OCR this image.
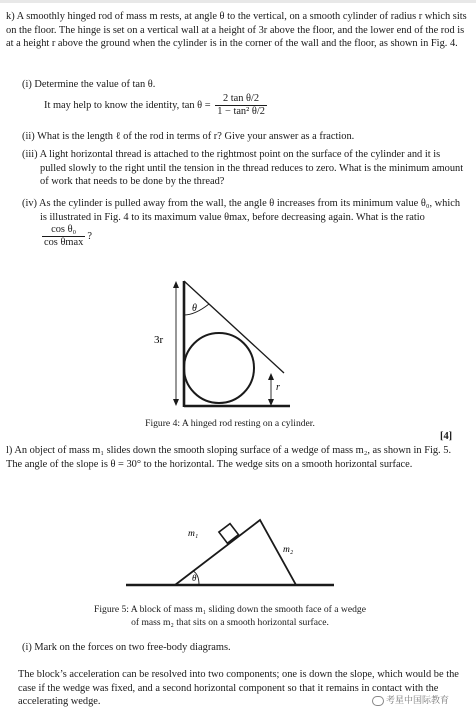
k) A smoothly hinged rod of mass m rests, at angle θ to the vertical, on a smooth cylinder of radius r which sits on the floor. The hinge is set on a vertical wall at a height of 3r above the floor, and the lower end of the rod is at a height r above the ground when the cylinder is in the corner of the wall and the floor, as shown in Fig. 4.
(i) Determine the value of tan θ.
It may help to know the identity, $\tan \theta = \frac{\text{2 tan θ/2}}{\text{1 − tan² θ/2}}$
(ii) What is the length ℓ of the rod in terms of r? Give your answer as a fraction.
(iii) A light horizontal thread is attached to the rightmost point on the surface of the cylinder and it is pulled slowly to the right until the tension in the thread reduces to zero. What is the minimum amount of work that needs to be done by the thread?
(iv) As the cylinder is pulled away from the wall, the angle θ increases from its minimum value θ₀, which is illustrated in Fig. 4 to its maximum value θmax, before decreasing again. What is the ratio
$\frac{\text{cos θ₀}}{\text{cos θmax}}$ ?
θ
3r
r
Figure 4: A hinged rod resting on a cylinder.
[4]
l) An object of mass m₁ slides down the smooth sloping surface of a wedge of mass m₂, as shown in Fig. 5. The angle of the slope is θ = 30° to the horizontal. The wedge sits on a smooth horizontal surface.
m₁
m₂
θ
Figure 5: A block of mass m₁ sliding down the smooth face of a wedge
of mass m₂ that sits on a smooth horizontal surface.
(i) Mark on the forces on two free-body diagrams.
The block’s acceleration can be resolved into two components; one is down the slope, which would be the case if the wedge was fixed, and a second horizontal component so that it remains in contact with the accelerating wedge.	考星中国际教育
